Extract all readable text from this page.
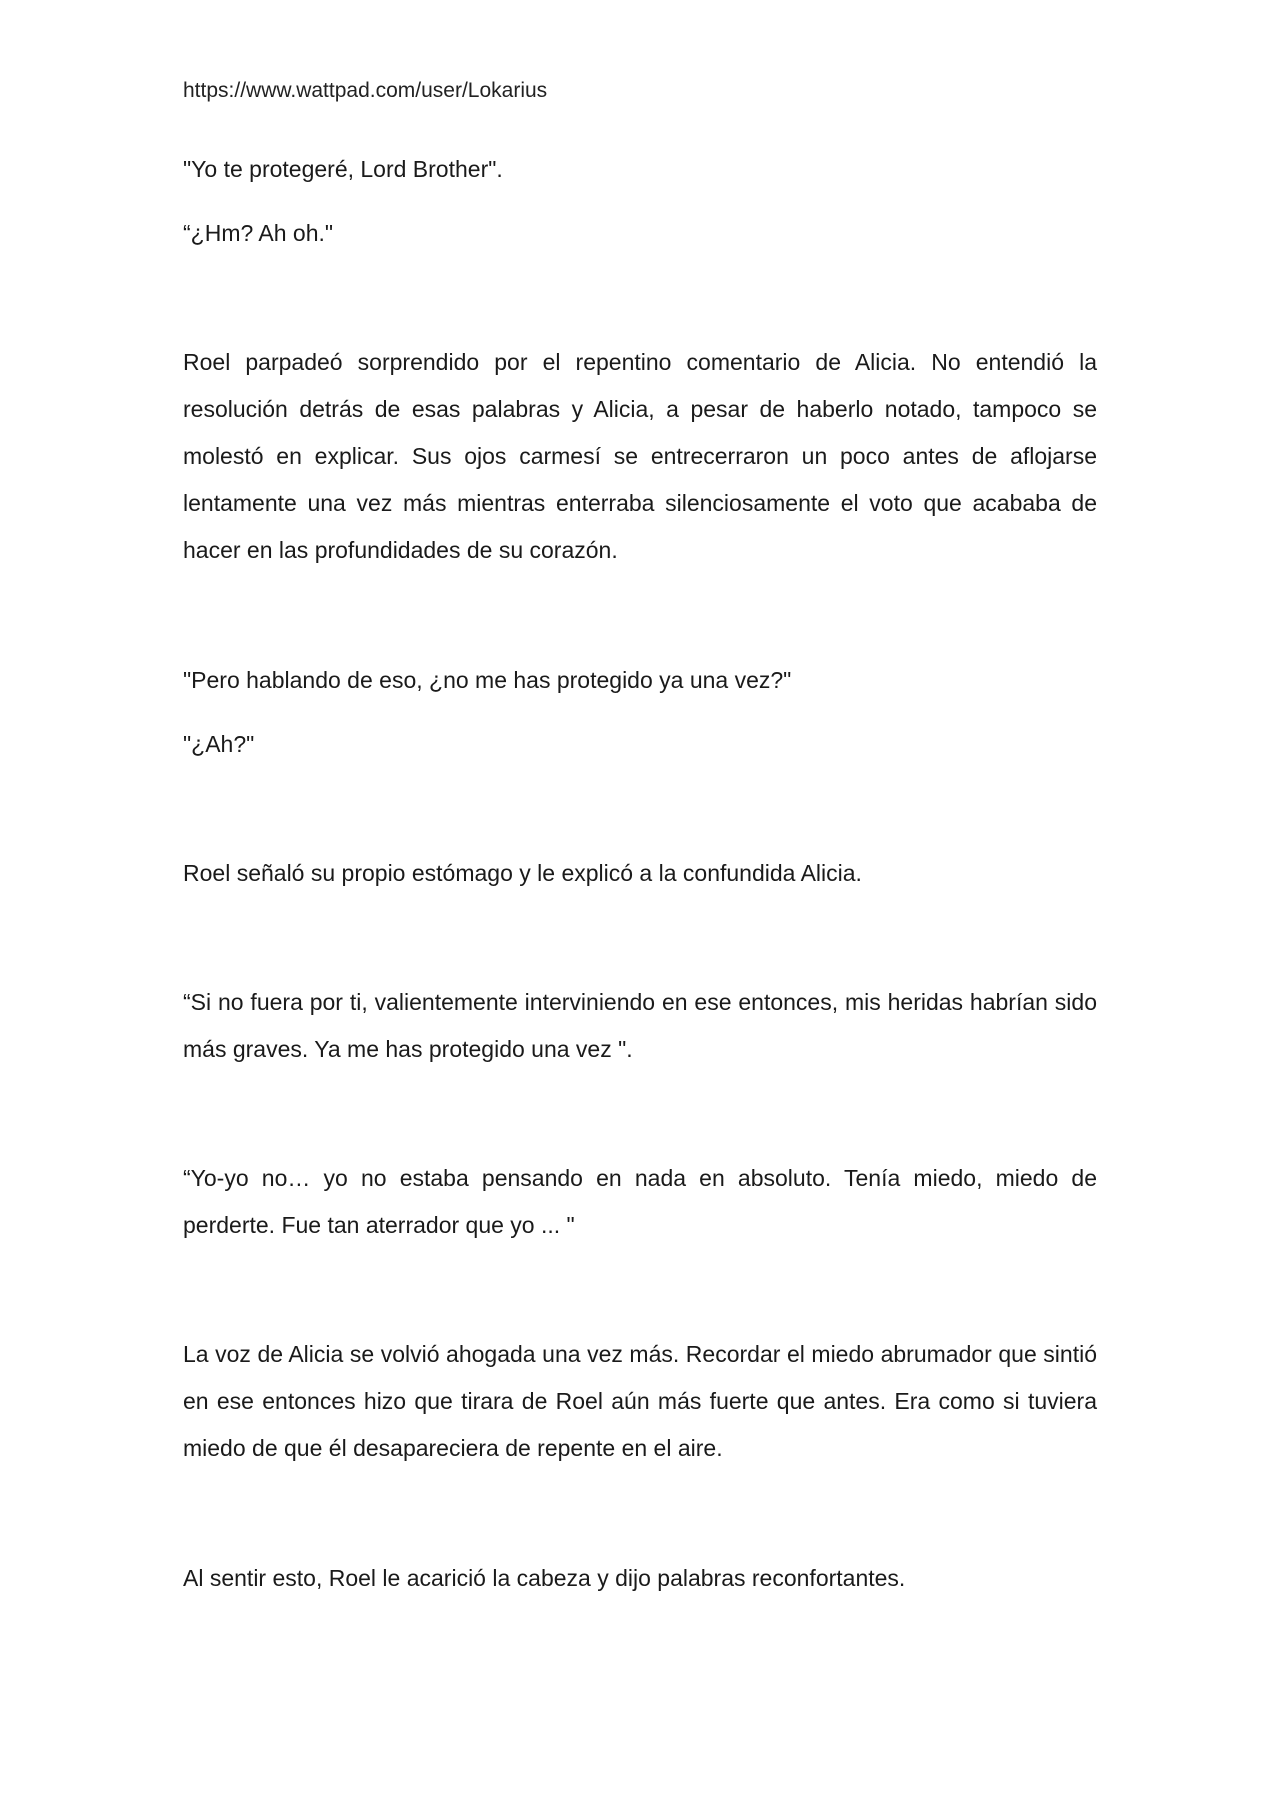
https://www.wattpad.com/user/Lokarius

"Yo te protegeré, Lord Brother".

“¿Hm? Ah oh."

Roel parpadeó sorprendido por el repentino comentario de Alicia. No entendió la resolución detrás de esas palabras y Alicia, a pesar de haberlo notado, tampoco se molestó en explicar. Sus ojos carmesí se entrecerraron un poco antes de aflojarse lentamente una vez más mientras enterraba silenciosamente el voto que acababa de hacer en las profundidades de su corazón.

"Pero hablando de eso, ¿no me has protegido ya una vez?"

"¿Ah?"

Roel señaló su propio estómago y le explicó a la confundida Alicia.

“Si no fuera por ti, valientemente interviniendo en ese entonces, mis heridas habrían sido más graves. Ya me has protegido una vez ".

“Yo-yo no… yo no estaba pensando en nada en absoluto. Tenía miedo, miedo de perderte. Fue tan aterrador que yo ... "

La voz de Alicia se volvió ahogada una vez más. Recordar el miedo abrumador que sintió en ese entonces hizo que tirara de Roel aún más fuerte que antes. Era como si tuviera miedo de que él desapareciera de repente en el aire.

Al sentir esto, Roel le acarició la cabeza y dijo palabras reconfortantes.
